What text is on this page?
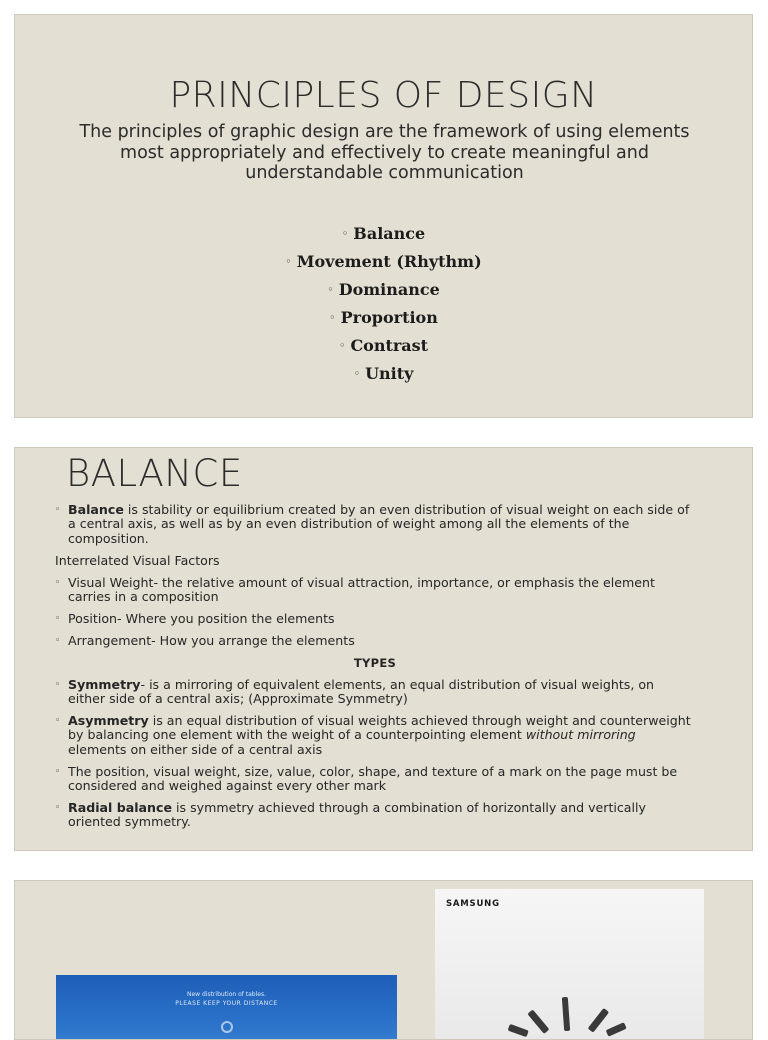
PRINCIPLES OF DESIGN
The principles of graphic design are the framework of using elements most appropriately and effectively to create meaningful and understandable communication
◦ Balance
◦ Movement (Rhythm)
◦ Dominance
◦ Proportion
◦ Contrast
◦ Unity
BALANCE
◦ Balance is stability or equilibrium created by an even distribution of visual weight on each side of a central axis, as well as by an even distribution of weight among all the elements of the composition.
Interrelated Visual Factors
◦ Visual Weight- the relative amount of visual attraction, importance, or emphasis the element carries in a composition
◦ Position- Where you position the elements
◦ Arrangement- How you arrange the elements
TYPES
◦ Symmetry- is a mirroring of equivalent elements, an equal distribution of visual weights, on either side of a central axis; (Approximate Symmetry)
◦ Asymmetry is an equal distribution of visual weights achieved through weight and counterweight by balancing one element with the weight of a counterpointing element without mirroring elements on either side of a central axis
◦ The position, visual weight, size, value, color, shape, and texture of a mark on the page must be considered and weighed against every other mark
◦ Radial balance is symmetry achieved through a combination of horizontally and vertically oriented symmetry.
New distribution of tables.
PLEASE KEEP YOUR DISTANCE
SAMSUNG
